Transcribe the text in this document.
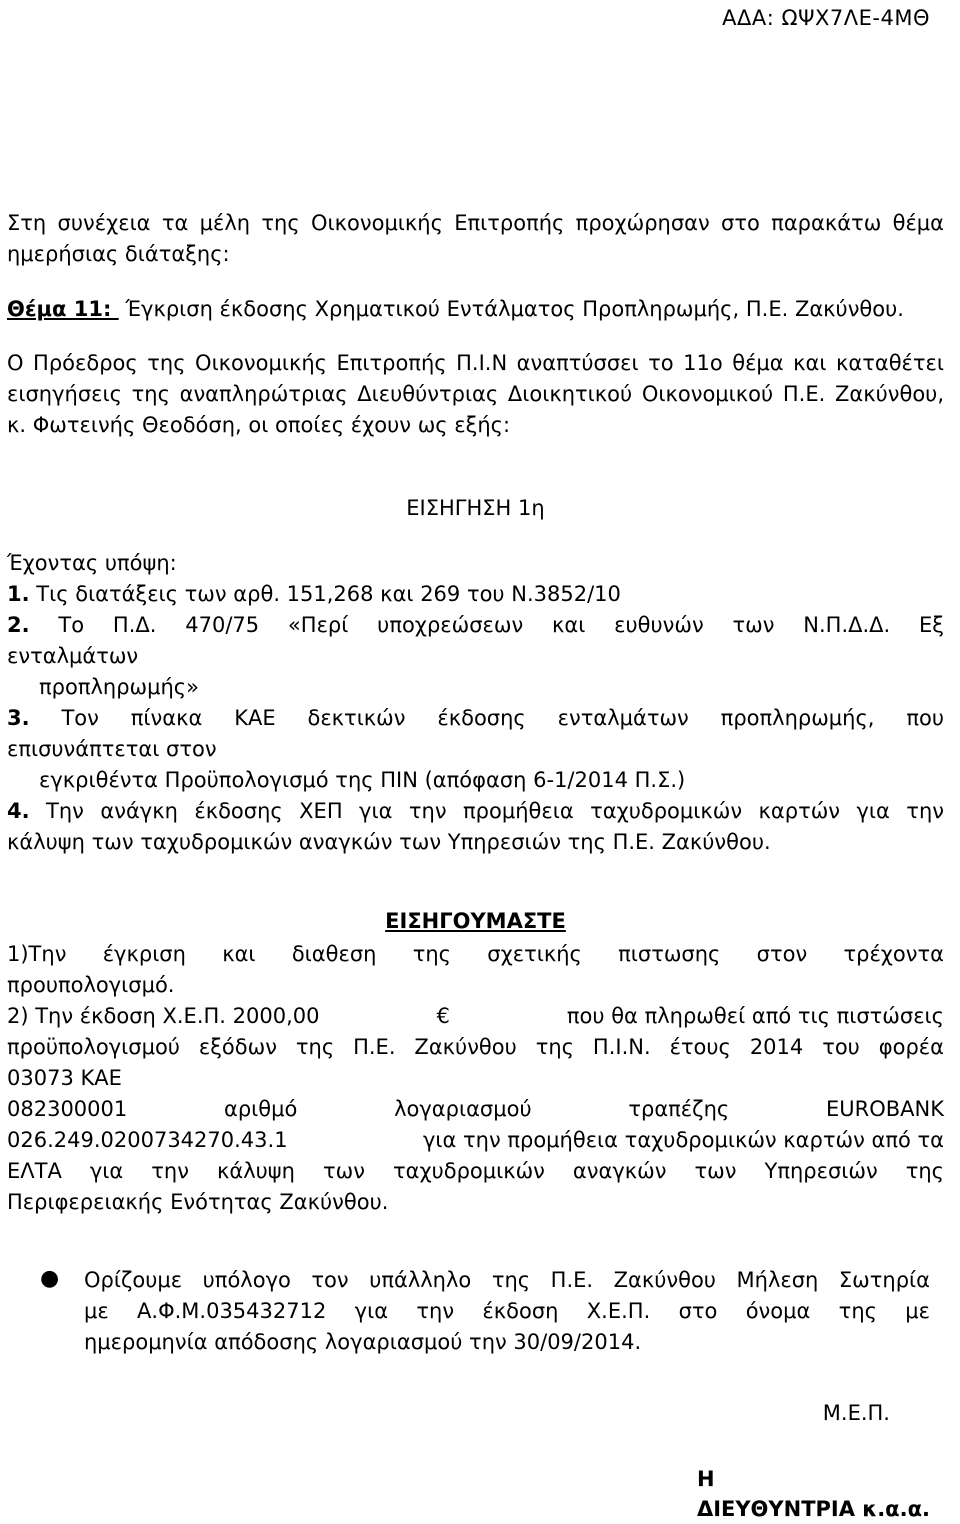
ΑΔΑ: ΩΨΧ7ΛΕ-4ΜΘ
Στη συνέχεια τα μέλη της Οικονομικής Επιτροπής προχώρησαν στο παρακάτω θέμα
ημερήσιας διάταξης:
Θέμα 11:  Έγκριση έκδοσης Χρηματικού Εντάλματος Προπληρωμής, Π.Ε. Ζακύνθου.
Ο Πρόεδρος της Οικονομικής Επιτροπής Π.Ι.Ν αναπτύσσει το 11ο θέμα και καταθέτει
εισηγήσεις της αναπληρώτριας Διευθύντριας Διοικητικού Οικονομικού Π.Ε. Ζακύνθου,
κ. Φωτεινής Θεοδόση, οι οποίες έχουν ως εξής:
ΕΙΣΗΓΗΣΗ 1η
Έχοντας υπόψη:
1. Τις διατάξεις των αρθ. 151,268 και 269 του Ν.3852/10
2. Το Π.Δ. 470/75 «Περί υποχρεώσεων και ευθυνών των Ν.Π.Δ.Δ. Εξ
ενταλμάτων
προπληρωμής»
3. Τον πίνακα ΚΑΕ δεκτικών έκδοσης ενταλμάτων προπληρωμής, που
επισυνάπτεται στον
εγκριθέντα Προϋπολογισμό της ΠΙΝ (απόφαση 6-1/2014 Π.Σ.)
4. Την ανάγκη έκδοσης ΧΕΠ για την προμήθεια ταχυδρομικών καρτών για την
κάλυψη των ταχυδρομικών αναγκών των Υπηρεσιών της Π.Ε. Ζακύνθου.
ΕΙΣΗΓΟΥΜΑΣΤΕ
1)Την έγκριση και διαθεση της σχετικής πιστωσης στον τρέχοντα
προυπολογισμό.
2) Την έκδοση Χ.Ε.Π. 2000,00	€	που θα πληρωθεί από τις πιστώσεις
προϋπολογισμού εξόδων της Π.Ε. Ζακύνθου της Π.Ι.Ν. έτους 2014 του φορέα
03073 ΚΑΕ
082300001	αριθμό	λογαριασμού	τραπέζης	EUROBANK
026.249.0200734270.43.1	για την προμήθεια ταχυδρομικών καρτών από τα
ΕΛΤΑ για την κάλυψη των ταχυδρομικών αναγκών των Υπηρεσιών της
Περιφερειακής Ενότητας Ζακύνθου.
● Ορίζουμε υπόλογο τον υπάλληλο της Π.Ε. Ζακύνθου Μήλεση Σωτηρία
με Α.Φ.Μ.035432712 για την έκδοση Χ.Ε.Π. στο όνομα της με
ημερομηνία απόδοσης λογαριασμού την 30/09/2014.
Μ.Ε.Π.
Η
ΔΙΕΥΘΥΝΤΡΙΑ κ.α.α.
